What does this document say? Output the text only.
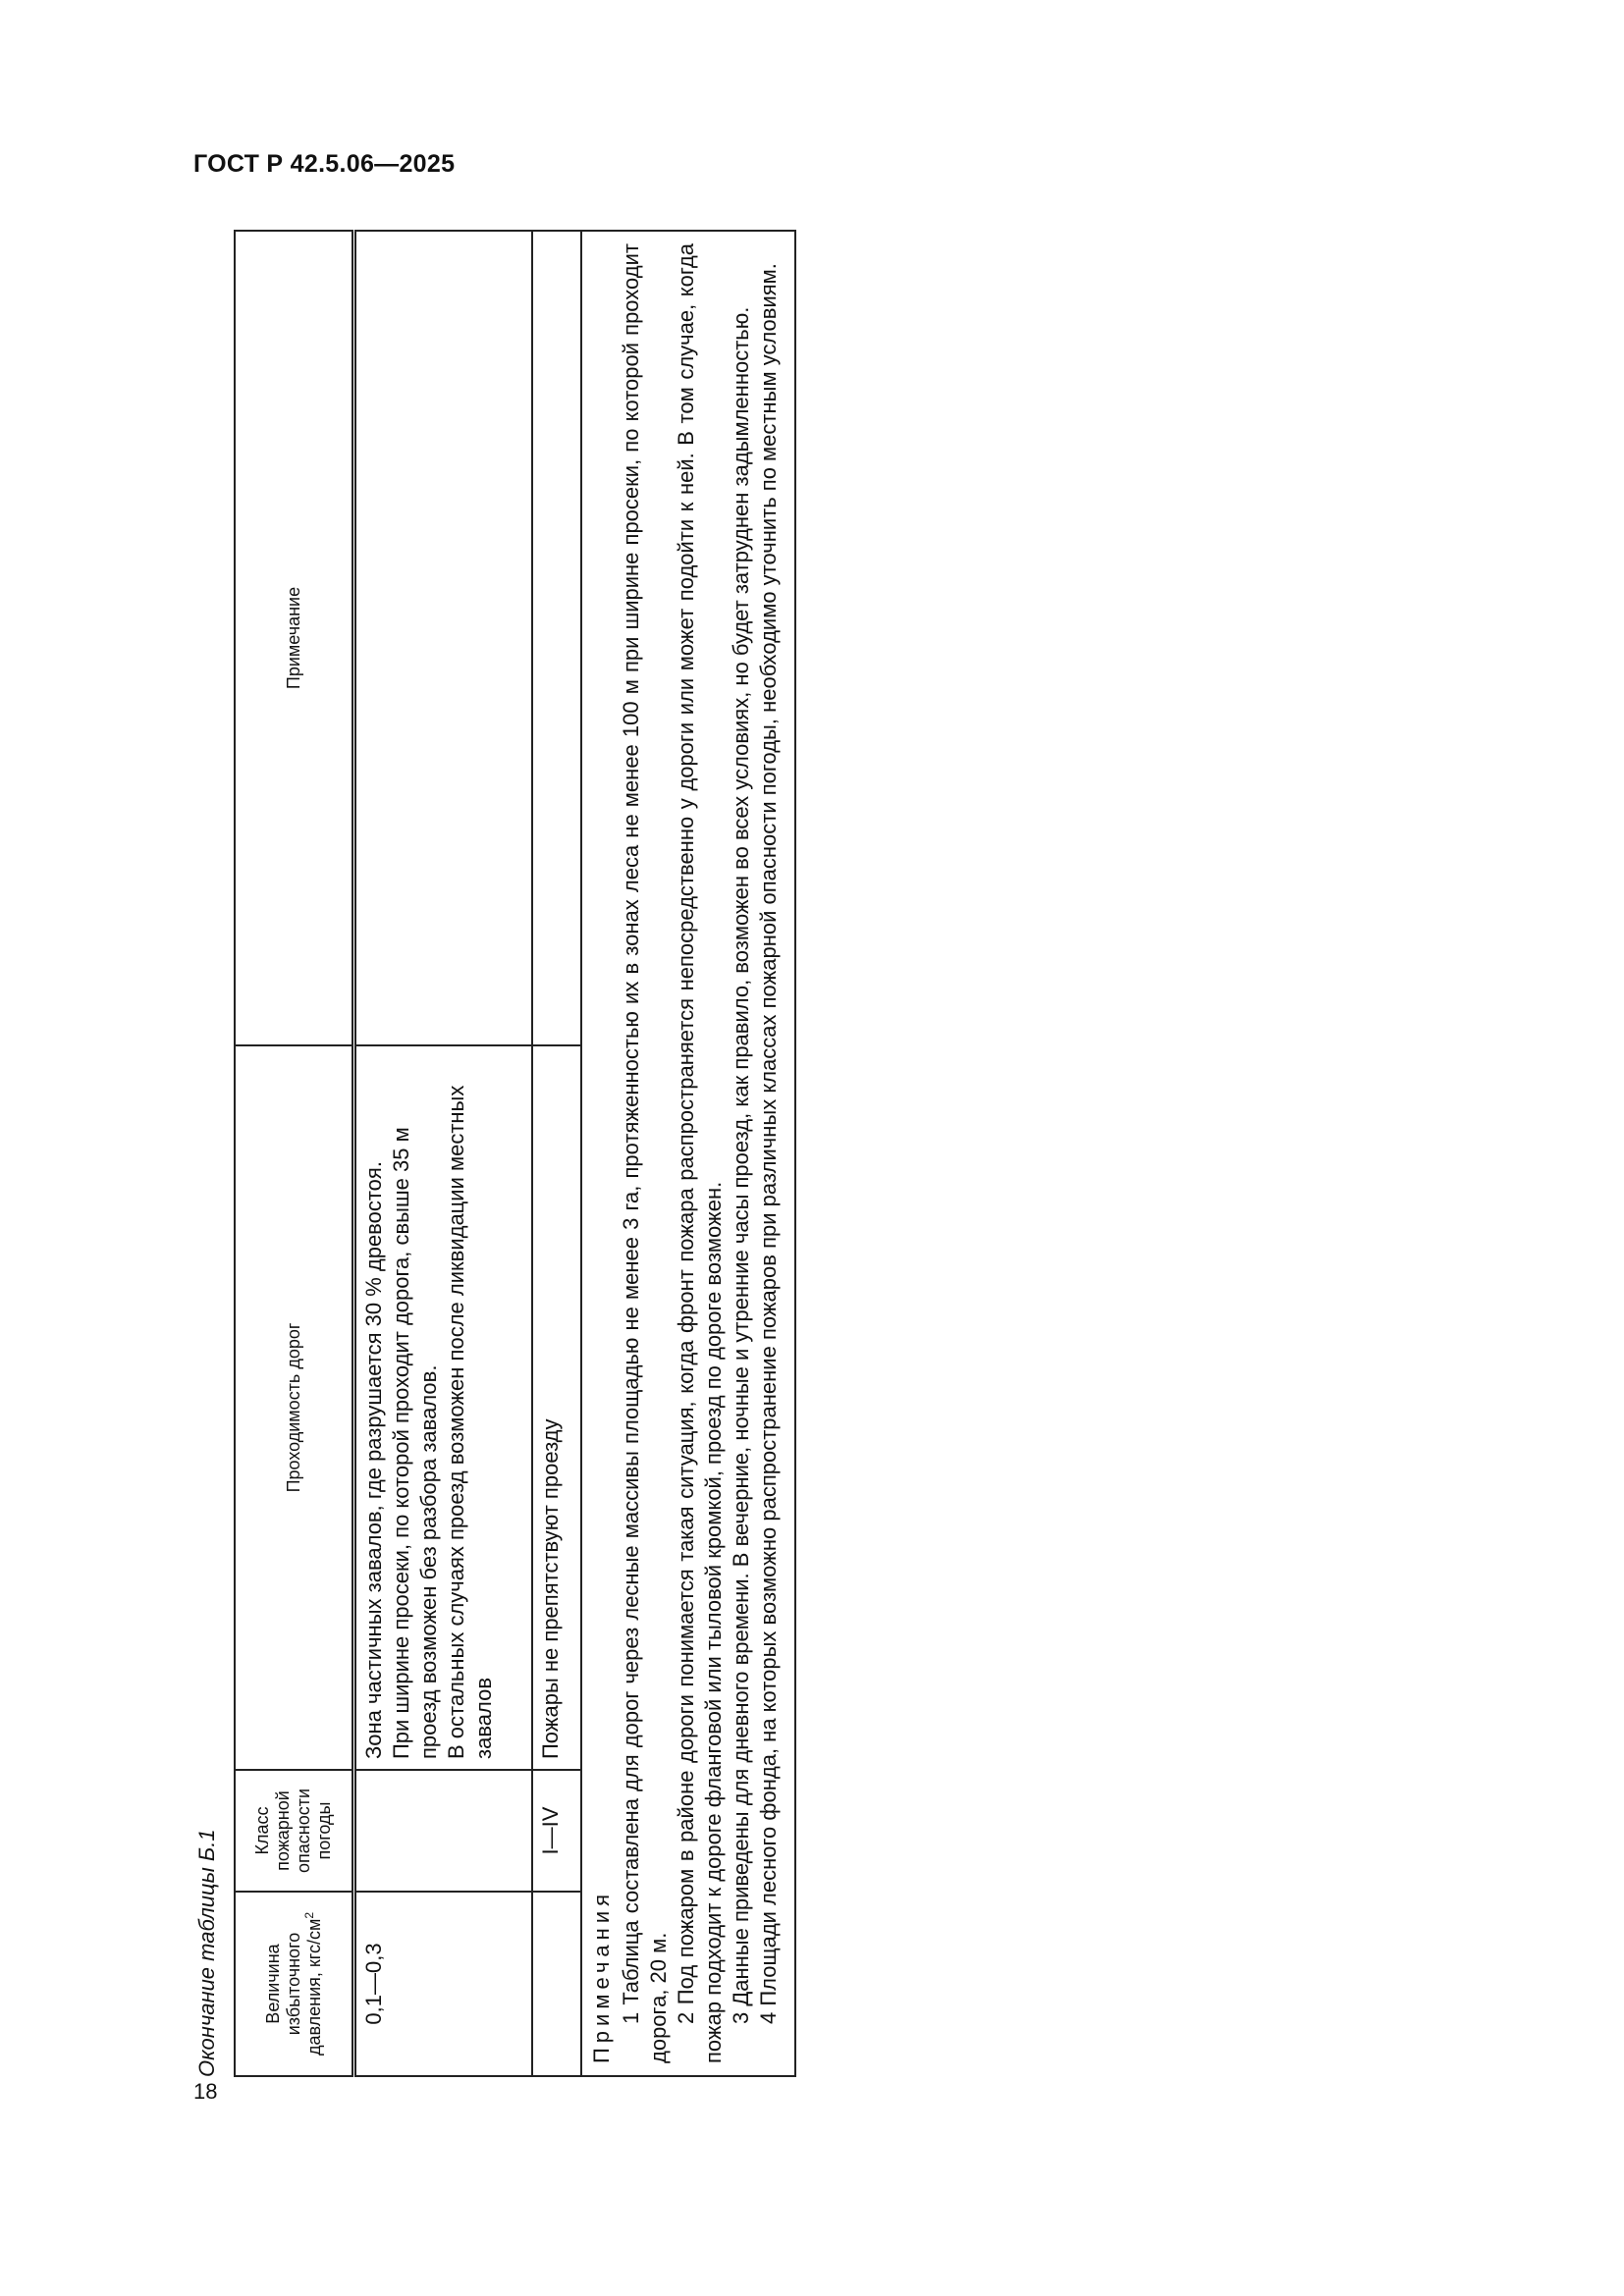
ГОСТ Р 42.5.06—2025
Окончание таблицы Б.1	Величина избыточного давления, кгс/$см^2$	Класс пожарной опасности погоды	Проходимость дорог	Примечание
0,1—0,3		Зона частичных завалов, где разрушается 30 % древостоя. При ширине просеки, по которой проходит дорога, свыше 35 м проезд возможен без разбора завалов. В остальных случаях проезд возможен после ликвидации местных завалов	

	I—IV	Пожары не препятствуют проезду	

Примечания 1 Таблица составлена для дорог через лесные массивы площадью не менее 3 га, протяженностью их в зонах леса не менее 100 м при ширине просеки, по которой проходит дорога, 20 м. 2 Под пожаром в районе дороги понимается такая ситуация, когда фронт пожара распространяется непосредственно у дороги или может подойти к ней. В том случае, когда пожар подходит к дороге фланговой или тыловой кромкой, проезд по дороге возможен. 3 Данные приведены для дневного времени. В вечерние, ночные и утренние часы проезд, как правило, возможен во всех условиях, но будет затруднен задымленностью. 4 Площади лесного фонда, на которых возможно распространение пожаров при различных классах пожарной опасности погоды, необходимо уточнить по местным условиям.			

18
